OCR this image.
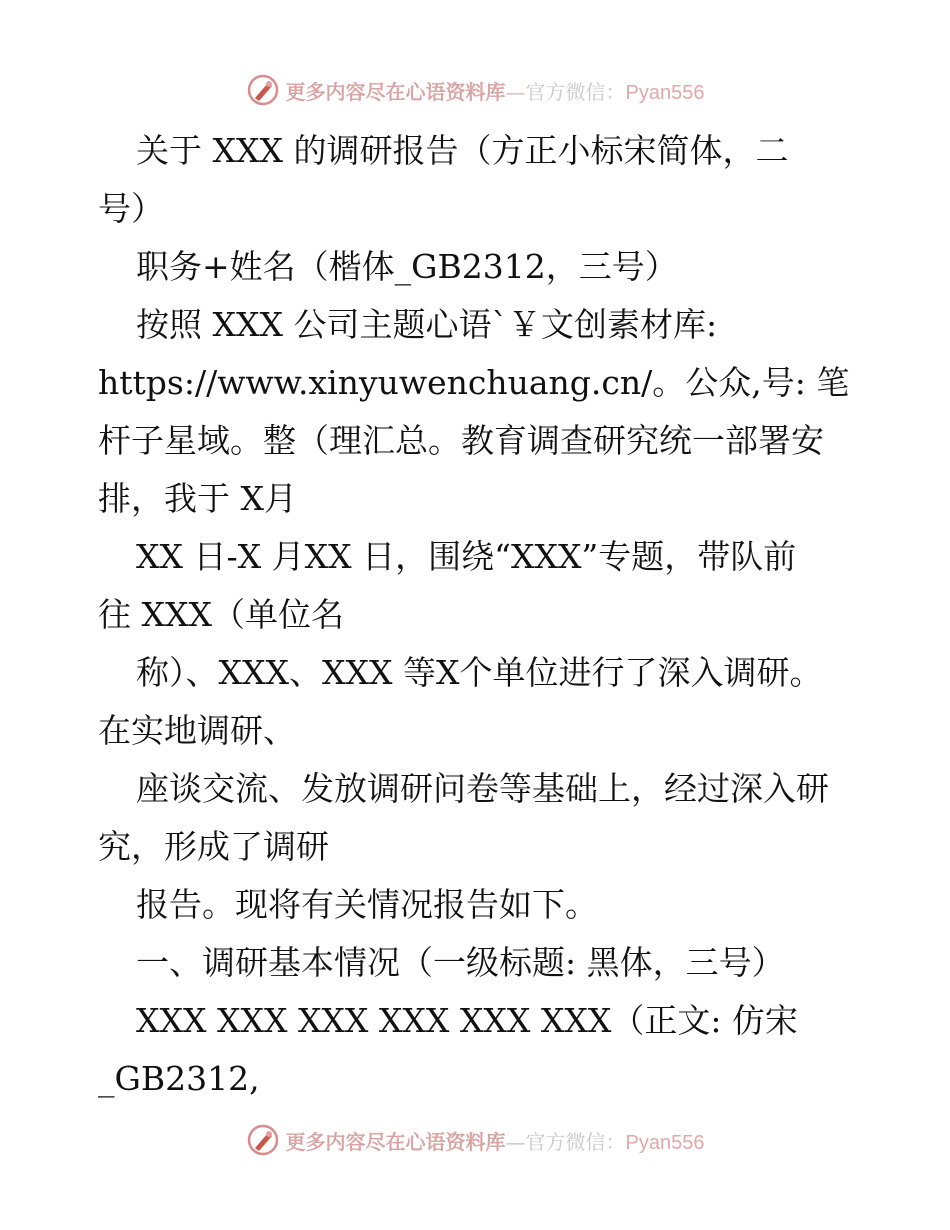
更多内容尽在心语资料库—官方微信：Pyan556
关于 XXX 的调研报告（方正小标宋简体，二
号）
职务+姓名（楷体_GB2312，三号）
按照 XXX 公司主题心语`￥文创素材库:
https://www.xinyuwenchuang.cn/。公众,号: 笔
杆子星域。整（理汇总。教育调查研究统一部署安
排，我于 X月
XX 日-X 月XX 日，围绕“XXX”专题，带队前
往 XXX（单位名
称）、XXX、XXX 等X个单位进行了深入调研。
在实地调研、
座谈交流、发放调研问卷等基础上，经过深入研
究，形成了调研
报告。现将有关情况报告如下。
一、调研基本情况（一级标题: 黑体，三号）
XXX XXX XXX XXX XXX XXX（正文: 仿宋
_GB2312,
更多内容尽在心语资料库—官方微信：Pyan556
